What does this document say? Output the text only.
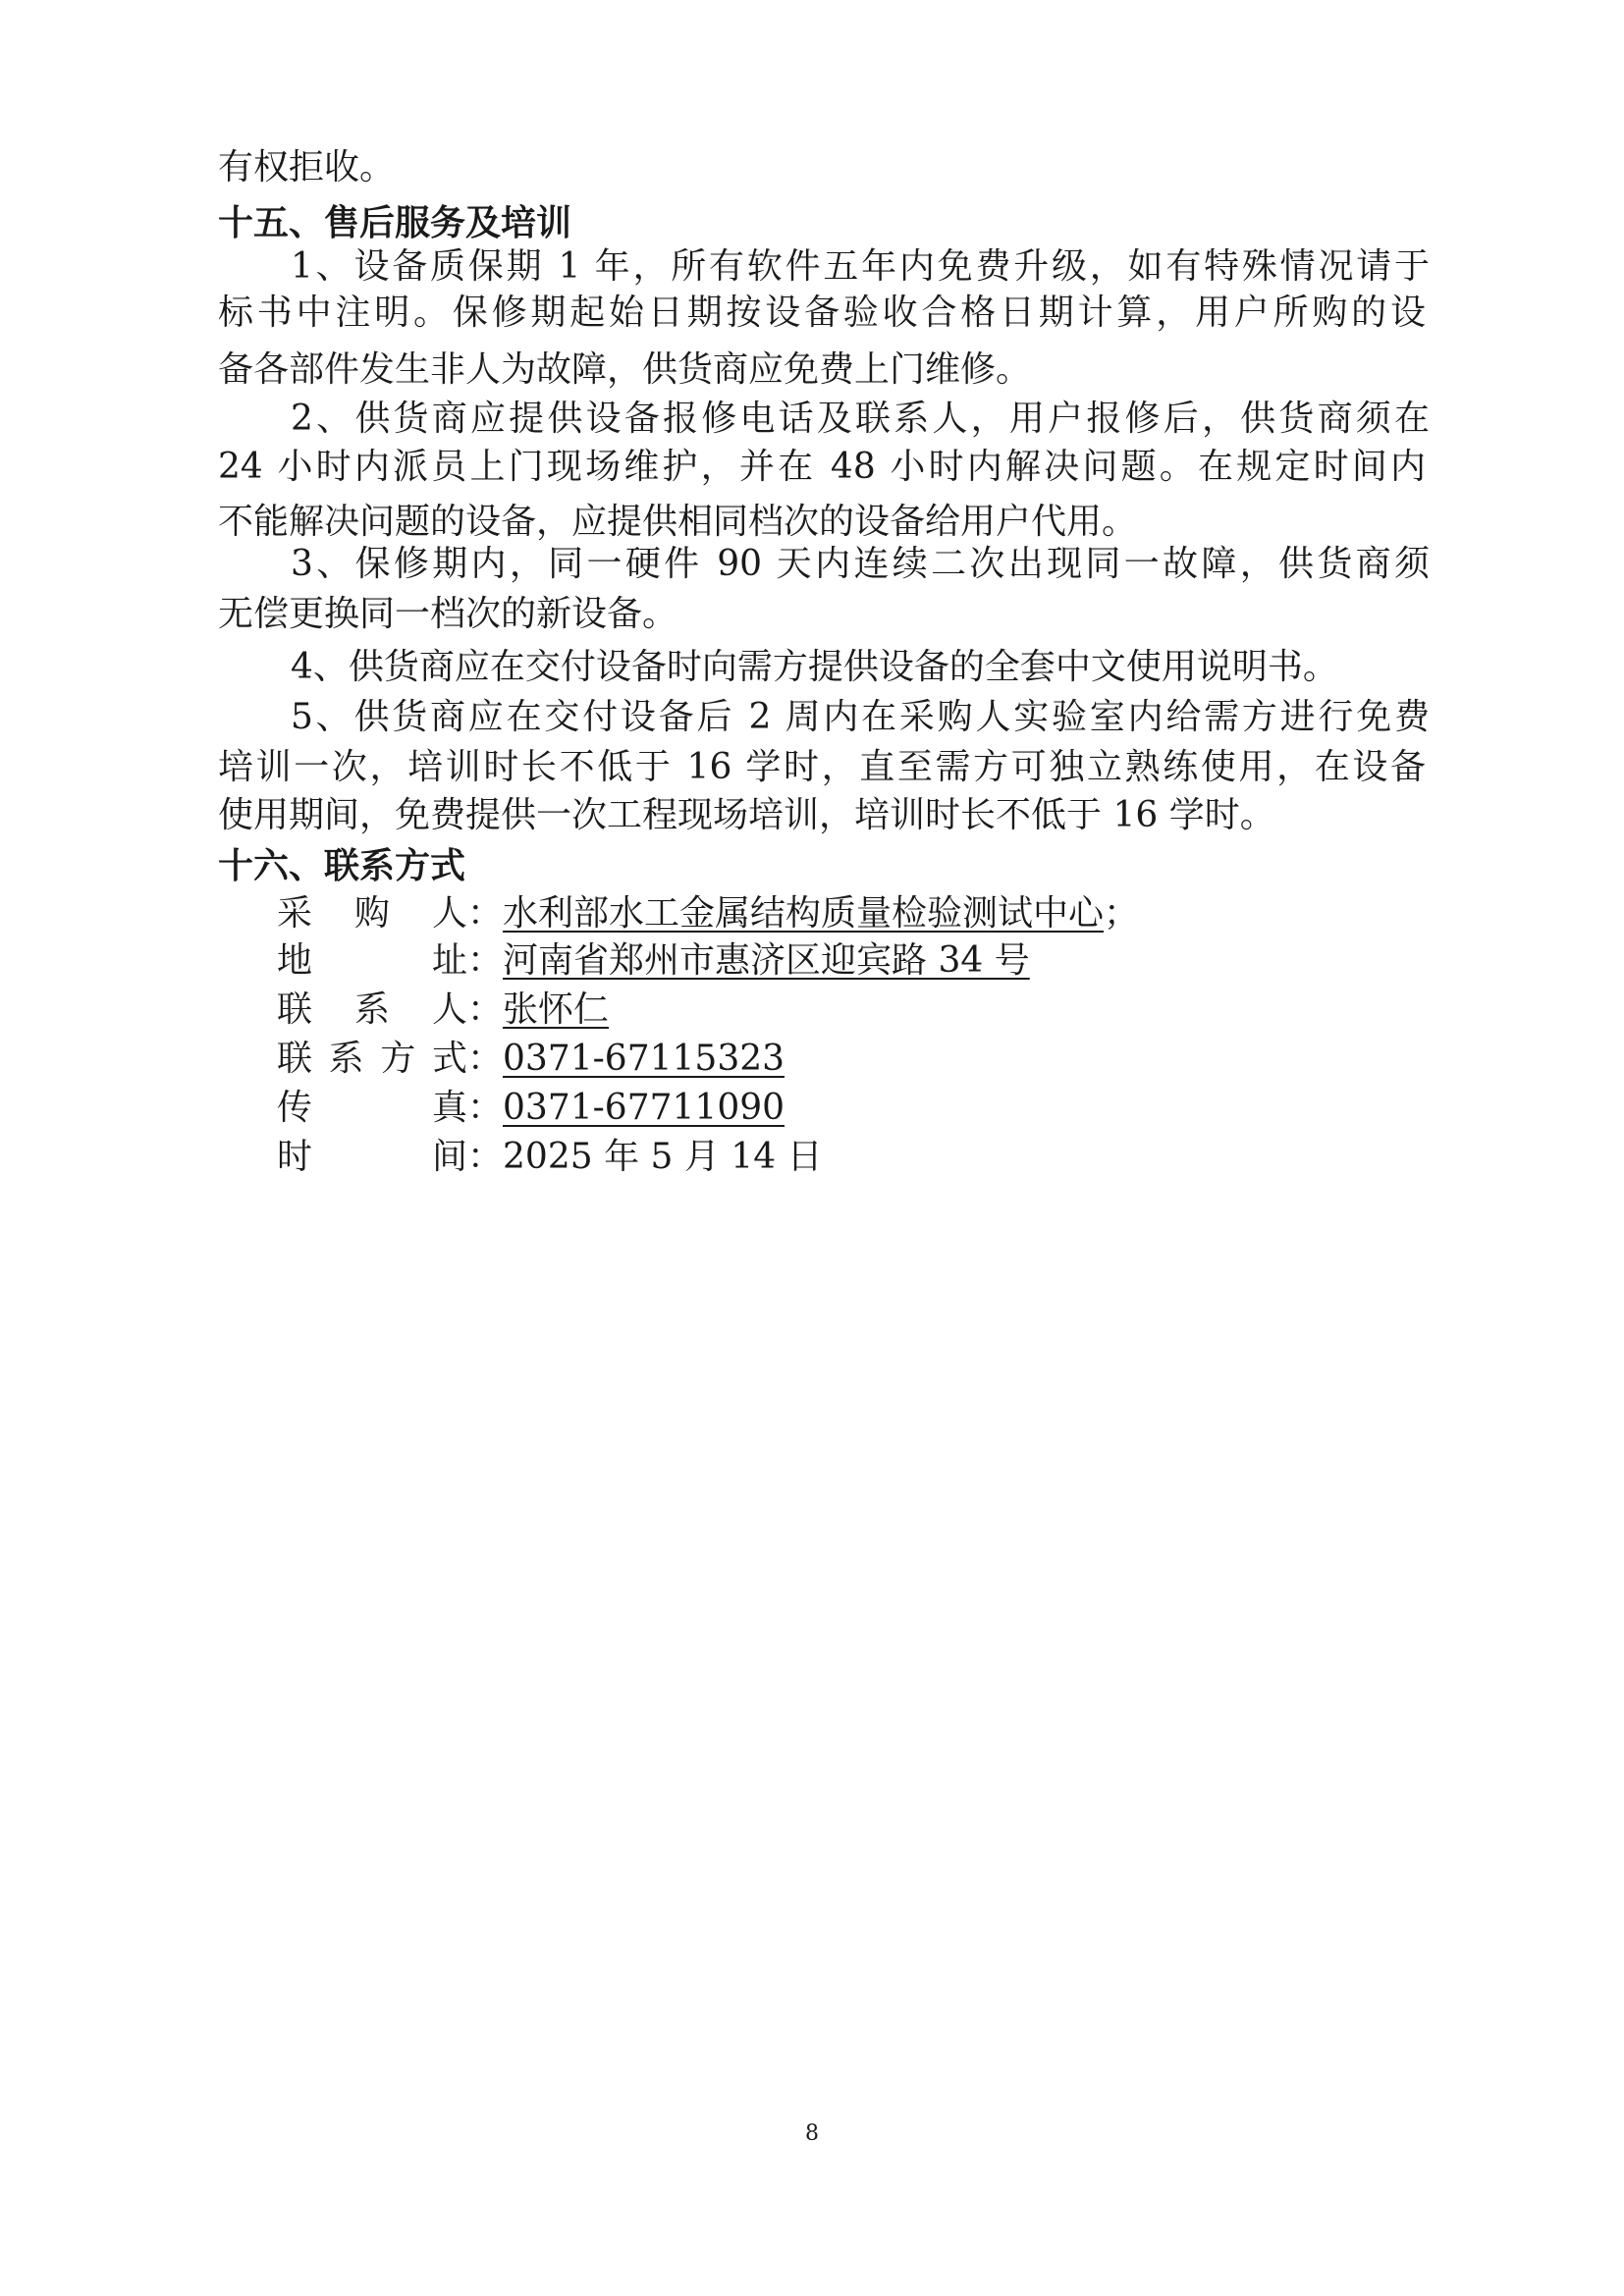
有权拒收。
十五、售后服务及培训
1、设备质保期 1 年，所有软件五年内免费升级，如有特殊情况请于
标书中注明。保修期起始日期按设备验收合格日期计算，用户所购的设
备各部件发生非人为故障，供货商应免费上门维修。
2、供货商应提供设备报修电话及联系人，用户报修后，供货商须在
24 小时内派员上门现场维护，并在 48 小时内解决问题。在规定时间内
不能解决问题的设备，应提供相同档次的设备给用户代用。
3、保修期内，同一硬件 90 天内连续二次出现同一故障，供货商须
无偿更换同一档次的新设备。
4、供货商应在交付设备时向需方提供设备的全套中文使用说明书。
5、供货商应在交付设备后 2 周内在采购人实验室内给需方进行免费
培训一次，培训时长不低于 16 学时，直至需方可独立熟练使用，在设备
使用期间，免费提供一次工程现场培训，培训时长不低于 16 学时。
十六、联系方式
采购人 ： 水利部水工金属结构质量检验测试中心 ；
地址 ： 河南省郑州市惠济区迎宾路 34 号
联系人 ： 张怀仁
联系方式 ： 0371-67115323
传真 ： 0371-67711090
时间 ： 2025 年 5 月 14 日
8
